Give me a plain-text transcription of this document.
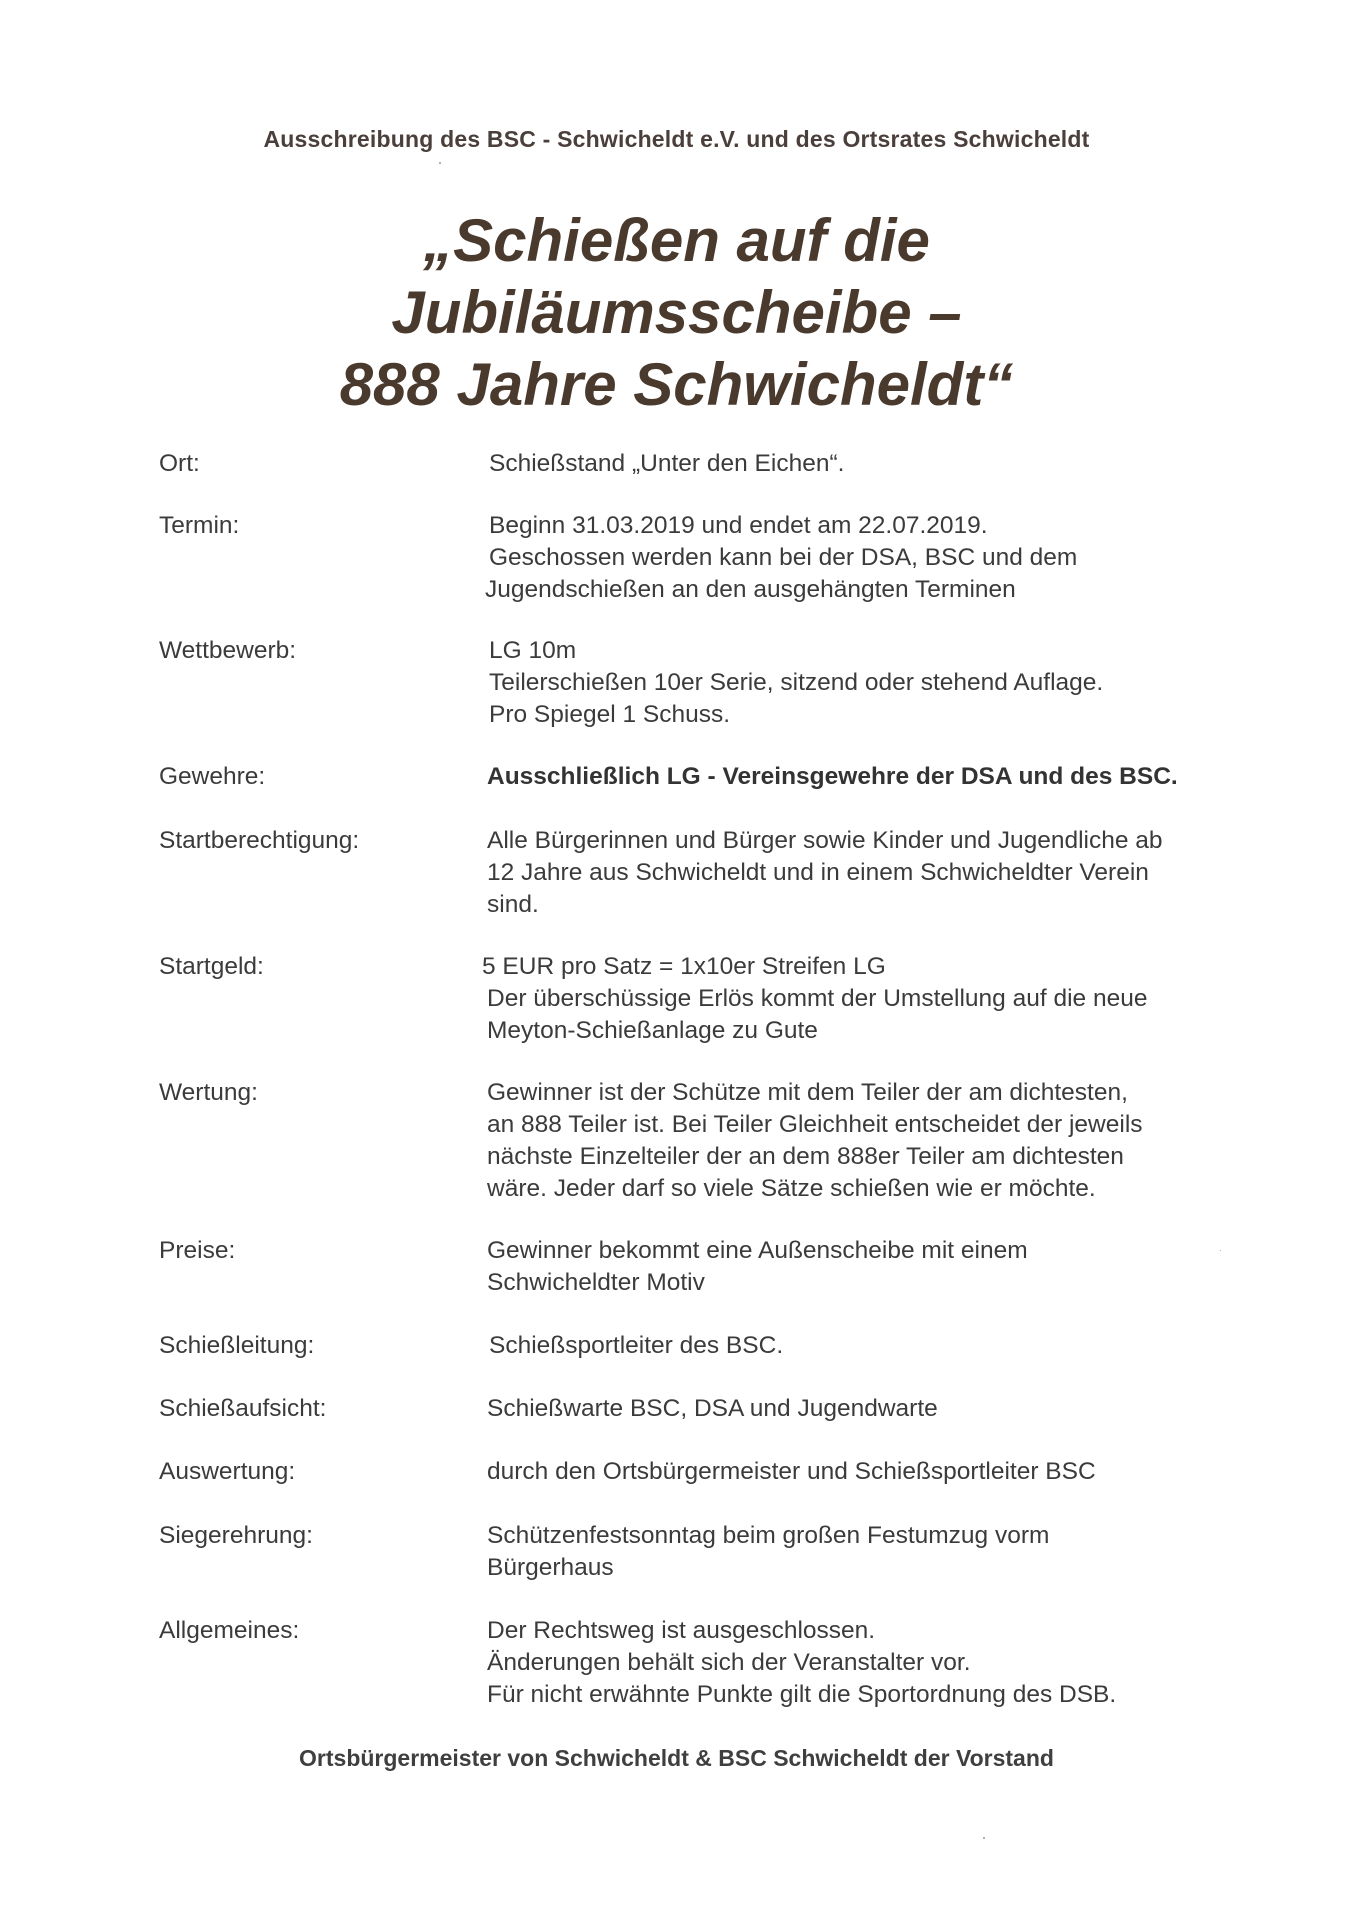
Ausschreibung des BSC - Schwicheldt e.V. und des Ortsrates Schwicheldt
„Schießen auf die
Jubiläumsscheibe –
888 Jahre Schwicheldt“
Ort:	Schießstand „Unter den Eichen“.
Termin:	Beginn 31.03.2019 und endet am 22.07.2019.
Geschossen werden kann bei der DSA, BSC und dem
Jugendschießen an den ausgehängten Terminen
Wettbewerb:	LG 10m
Teilerschießen 10er Serie, sitzend oder stehend Auflage.
Pro Spiegel 1 Schuss.
Gewehre:	Ausschließlich LG - Vereinsgewehre der DSA und des BSC.
Startberechtigung:	Alle Bürgerinnen und Bürger sowie Kinder und Jugendliche ab
12 Jahre aus Schwicheldt und in einem Schwicheldter Verein
sind.
Startgeld:	5 EUR pro Satz = 1x10er Streifen LG
Der überschüssige Erlös kommt der Umstellung auf die neue
Meyton-Schießanlage zu Gute
Wertung:	Gewinner ist der Schütze mit dem Teiler der am dichtesten,
an 888 Teiler ist. Bei Teiler Gleichheit entscheidet der jeweils
nächste Einzelteiler der an dem 888er Teiler am dichtesten
wäre. Jeder darf so viele Sätze schießen wie er möchte.
Preise:	Gewinner bekommt eine Außenscheibe mit einem
Schwicheldter Motiv
Schießleitung:	Schießsportleiter des BSC.
Schießaufsicht:	Schießwarte BSC, DSA und Jugendwarte
Auswertung:	durch den Ortsbürgermeister und Schießsportleiter BSC
Siegerehrung:	Schützenfestsonntag beim großen Festumzug vorm
Bürgerhaus
Allgemeines:	Der Rechtsweg ist ausgeschlossen.
Änderungen behält sich der Veranstalter vor.
Für nicht erwähnte Punkte gilt die Sportordnung des DSB.
Ortsbürgermeister von Schwicheldt & BSC Schwicheldt der Vorstand
